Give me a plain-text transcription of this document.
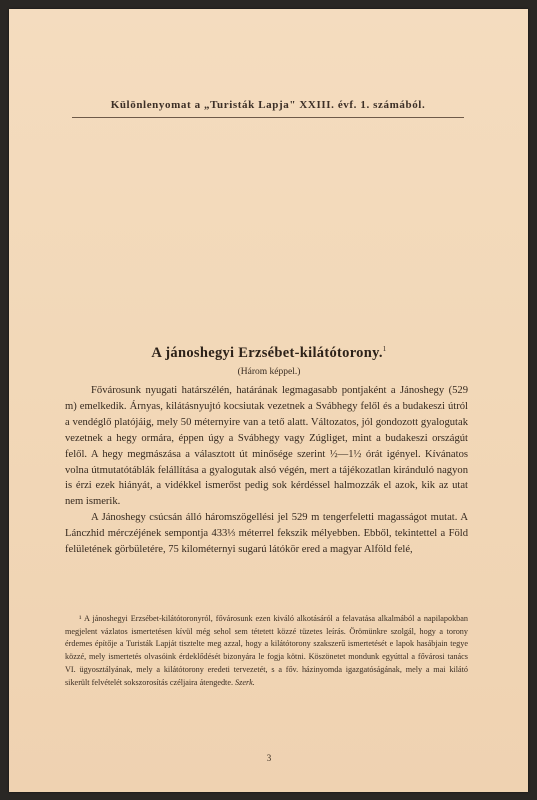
Különlenyomat a „Turisták Lapja" XXIII. évf. 1. számából.
A jánoshegyi Erzsébet-kilátótorony.$^1$
(Három képpel.)

Fővárosunk nyugati határszélén, határának legmagasabb pontjaként a Jánoshegy (529 m) emelkedik. Árnyas, kilátásnyujtó kocsiutak vezetnek a Svábhegy felől és a budakeszi útról a vendéglő platójáig, mely 50 méternyire van a tető alatt. Változatos, jól gondozott gyalogutak vezetnek a hegy ormára, éppen úgy a Svábhegy vagy Zúgliget, mint a budakeszi országút felől. A hegy megmászása a választott út minősége szerint ½—1½ órát igényel. Kívánatos volna útmutatótáblák felállítása a gyalogutak alsó végén, mert a tájékozatlan kiránduló nagyon is érzi ezek hiányát, a vidékkel ismerőst pedig sok kérdéssel halmozzák el azok, kik az utat nem ismerik.

A Jánoshegy csúcsán álló háromszögellési jel 529 m tengerfeletti magasságot mutat. A Lánczhid mérczéjének sempontja 433⅓ méterrel fekszik mélyebben. Ebből, tekintettel a Föld felületének görbületére, 75 kilométernyi sugarú látókör ered a magyar Alföld felé,

¹ A jánoshegyi Erzsébet-kilátótoronyról, fővárosunk ezen kiváló alkotásáról a felavatása alkalmából a napilapokban megjelent vázlatos ismertetésen kívül még sehol sem tétetett közzé tüzetes leírás. Örömünkre szolgál, hogy a torony érdemes építője a Turisták Lapját tisztelte meg azzal, hogy a kilátótorony szakszerű ismertetését e lapok hasábjain tegye közzé, mely ismertetés olvasóink érdeklődését bizonyára le fogja kötni. Köszönetet mondunk egyúttal a fővárosi tanács VI. ügyosztályának, mely a kilátótorony eredeti tervezetét, s a főv. házinyomda igazgatóságának, mely a mai kilátó sikerült felvételét sokszorosítás czéljaira átengedte. Szerk.

3
